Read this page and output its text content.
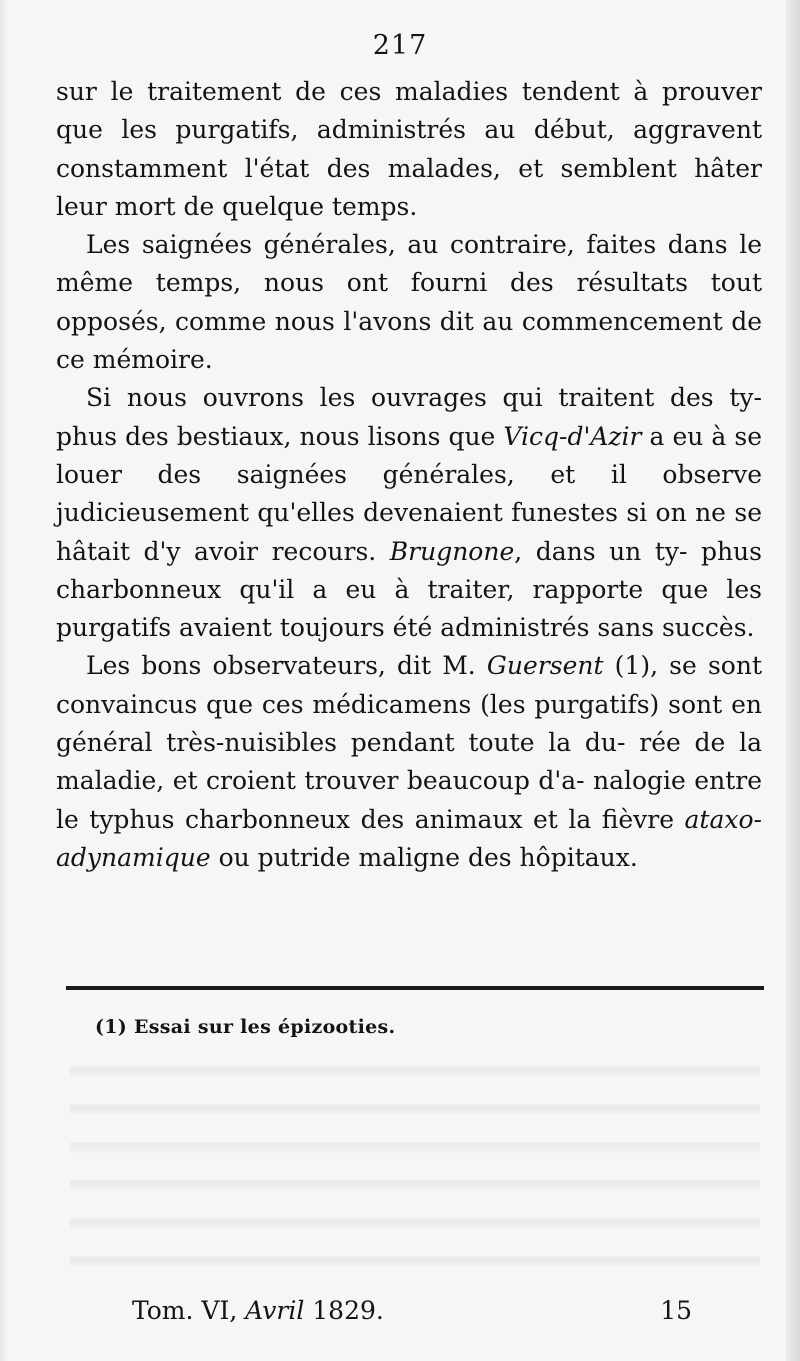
217

sur le traitement de ces maladies tendent à prouver que les purgatifs, administrés au début, aggravent constamment l'état des malades, et semblent hâter leur mort de quelque temps.

Les saignées générales, au contraire, faites dans le même temps, nous ont fourni des résultats tout opposés, comme nous l'avons dit au commencement de ce mémoire.

Si nous ouvrons les ouvrages qui traitent des ty- phus des bestiaux, nous lisons que Vicq-d'Azir a eu à se louer des saignées générales, et il observe judicieusement qu'elles devenaient funestes si on ne se hâtait d'y avoir recours. Brugnone, dans un ty- phus charbonneux qu'il a eu à traiter, rapporte que les purgatifs avaient toujours été administrés sans succès.

Les bons observateurs, dit M. Guersent (1), se sont convaincus que ces médicamens (les purgatifs) sont en général très-nuisibles pendant toute la du- rée de la maladie, et croient trouver beaucoup d'a- nalogie entre le typhus charbonneux des animaux et la fièvre ataxo-adynamique ou putride maligne des hôpitaux.

(1) Essai sur les épizooties.
Tom. VI, Avril 1829.	15
